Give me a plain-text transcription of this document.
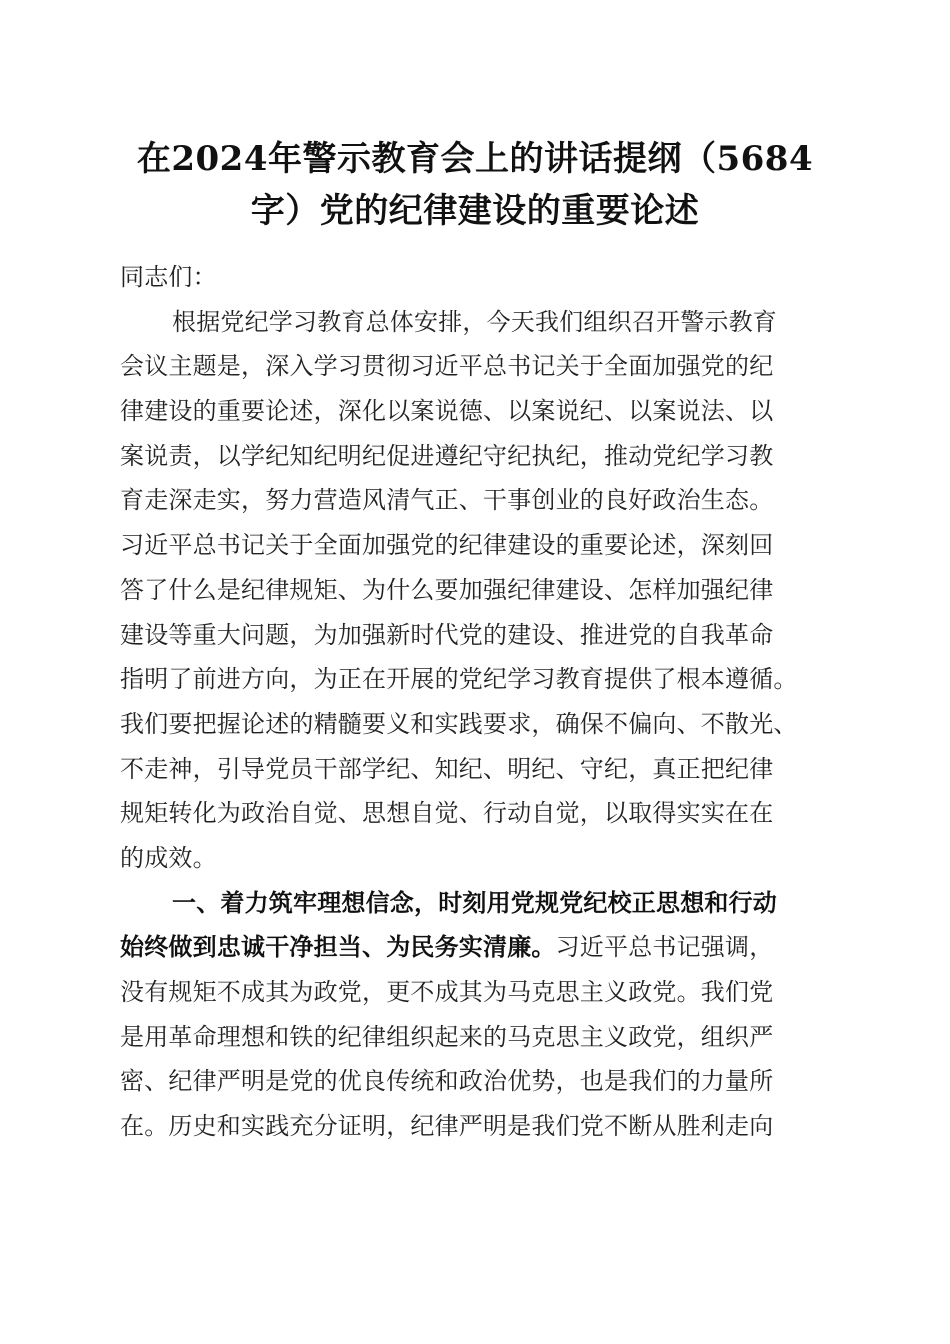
在2024年警示教育会上的讲话提纲（5684
字）党的纪律建设的重要论述
同志们：
根据党纪学习教育总体安排，今天我们组织召开警示教育
会议主题是，深入学习贯彻习近平总书记关于全面加强党的纪
律建设的重要论述，深化以案说德、以案说纪、以案说法、以
案说责，以学纪知纪明纪促进遵纪守纪执纪，推动党纪学习教
育走深走实，努力营造风清气正、干事创业的良好政治生态。
习近平总书记关于全面加强党的纪律建设的重要论述，深刻回
答了什么是纪律规矩、为什么要加强纪律建设、怎样加强纪律
建设等重大问题，为加强新时代党的建设、推进党的自我革命
指明了前进方向，为正在开展的党纪学习教育提供了根本遵循。
我们要把握论述的精髓要义和实践要求，确保不偏向、不散光、
不走神，引导党员干部学纪、知纪、明纪、守纪，真正把纪律
规矩转化为政治自觉、思想自觉、行动自觉，以取得实实在在
的成效。
一、着力筑牢理想信念，时刻用党规党纪校正思想和行动
始终做到忠诚干净担当、为民务实清廉。习近平总书记强调，
没有规矩不成其为政党，更不成其为马克思主义政党。我们党
是用革命理想和铁的纪律组织起来的马克思主义政党，组织严
密、纪律严明是党的优良传统和政治优势，也是我们的力量所
在。历史和实践充分证明，纪律严明是我们党不断从胜利走向
